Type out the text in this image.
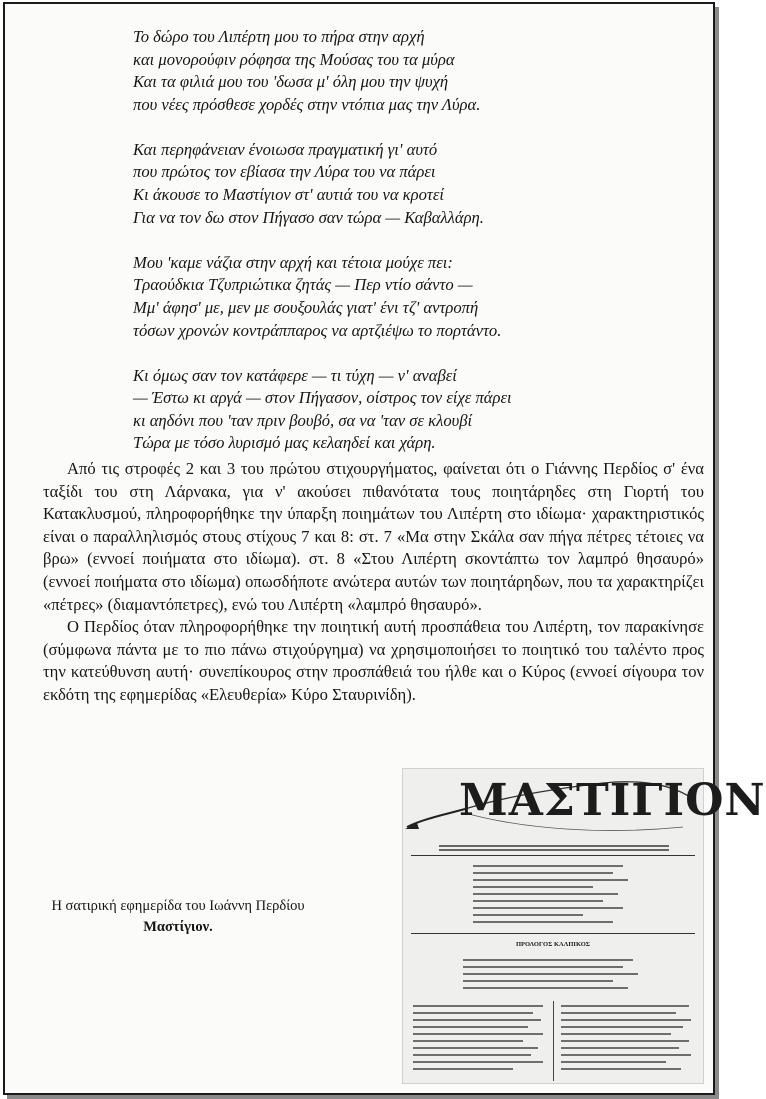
Το δώρο του Λιπέρτη μου το πήρα στην αρχή
και μονορούφιν ρόφησα της Μούσας του τα μύρα
Και τα φιλιά μου του 'δωσα μ' όλη μου την ψυχή
που νέες πρόσθεσε χορδές στην ντόπια μας την Λύρα.
Και περηφάνειαν ένοιωσα πραγματική γι' αυτό
που πρώτος τον εβίασα την Λύρα του να πάρει
Κι άκουσε το Μαστίγιον στ' αυτιά του να κροτεί
Για να τον δω στον Πήγασο σαν τώρα — Καβαλλάρη.
Μου 'καμε νάζια στην αρχή και τέτοια μούχε πει:
Τραούδκια Τζυπριώτικα ζητάς — Περ ντίο σάντο —
Μμ' άφησ' με, μεν με σουξουλάς γιατ' ένι τζ' αντροπή
τόσων χρονών κοντράππαρος να αρτζιέψω το πορτάντο.
Κι όμως σαν τον κατάφερε — τι τύχη — ν' αναβεί
— Έστω κι αργά — στον Πήγασον, οίστρος τον είχε πάρει
κι αηδόνι που 'ταν πριν βουβό, σα να 'ταν σε κλουβί
Τώρα με τόσο λυρισμό μας κελαηδεί και χάρη.

Από τις στροφές 2 και 3 του πρώτου στιχουργήματος, φαίνεται ότι ο Γιάννης Περδίος σ' ένα ταξίδι του στη Λάρνακα, για ν' ακούσει πιθανότατα τους ποιητάρηδες στη Γιορτή του Κατακλυσμού, πληροφορήθηκε την ύπαρξη ποιημάτων του Λιπέρτη στο ιδίωμα· χαρακτηριστικός είναι ο παραλληλισμός στους στίχους 7 και 8: στ. 7 «Μα στην Σκάλα σαν πήγα πέτρες τέτοιες να βρω» (εννοεί ποιήματα στο ιδίωμα). στ. 8 «Στου Λιπέρτη σκοντάπτω τον λαμπρό θησαυρό» (εννοεί ποιήματα στο ιδίωμα) οπωσδήποτε ανώτερα αυτών των ποιητάρηδων, που τα χαρακτηρίζει «πέτρες» (διαμαντόπετρες), ενώ του Λιπέρτη «λαμπρό θησαυρό».

Ο Περδίος όταν πληροφορήθηκε την ποιητική αυτή προσπάθεια του Λιπέρτη, τον παρακίνησε (σύμφωνα πάντα με το πιο πάνω στιχούργημα) να χρησιμοποιήσει το ποιητικό του ταλέντο προς την κατεύθυνση αυτή· συνεπίκουρος στην προσπάθειά του ήλθε και ο Κύρος (εννοεί σίγουρα τον εκδότη της εφημερίδας «Ελευθερία» Κύρο Σταυρινίδη).

Η σατιρική εφημερίδα του Ιωάννη Περδίου Μαστίγιον.
ΜΑΣΤΙΓΙΟΝ
ΠΡΟΛΟΓΟΣ ΚΑΛΠΙΚΟΣ
